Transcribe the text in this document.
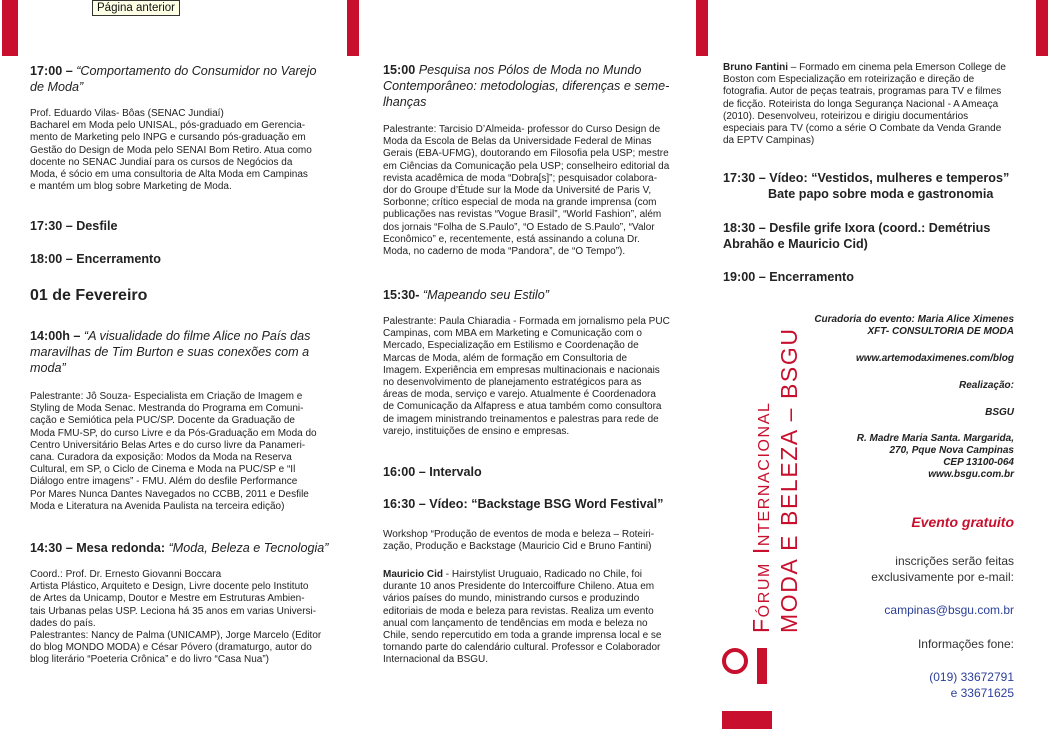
Página anterior
17:00 – “Comportamento do Consumidor no Varejo
de Moda”
Prof. Eduardo Vilas- Bôas (SENAC Jundiaí)
Bacharel em Moda pelo UNISAL, pós-graduado em Gerencia-
mento de Marketing pelo INPG e cursando pós-graduação em
Gestão do Design de Moda pelo SENAI Bom Retiro. Atua como
docente no SENAC Jundiaí para os cursos de Negócios da
Moda, é sócio em uma consultoria de Alta Moda em Campinas
e mantém um blog sobre Marketing de Moda.
17:30 – Desfile
18:00 – Encerramento
01 de Fevereiro
14:00h – “A visualidade do filme Alice no País das
maravilhas de Tim Burton e suas conexões com a
moda”
Palestrante: Jô Souza- Especialista em Criação de Imagem e
Styling de Moda Senac. Mestranda do Programa em Comuni-
cação e Semiótica pela PUC/SP. Docente da Graduação de
Moda FMU-SP, do curso Livre e da Pós-Graduação em Moda do
Centro Universitário Belas Artes e do curso livre da Panameri-
cana. Curadora da exposição: Modos da Moda na Reserva
Cultural, em SP, o Ciclo de Cinema e Moda na PUC/SP e “Il
Diálogo entre imagens” - FMU. Além do desfile Performance
Por Mares Nunca Dantes Navegados no CCBB, 2011 e Desfile
Moda e Literatura na Avenida Paulista na terceira edição)
14:30 – Mesa redonda: “Moda, Beleza e Tecnologia”
Coord.: Prof. Dr. Ernesto Giovanni Boccara
Artista Plástico, Arquiteto e Design, Livre docente pelo Instituto
de Artes da Unicamp, Doutor e Mestre em Estruturas Ambien-
tais Urbanas pelas USP. Leciona há 35 anos em varias Universi-
dades do país.
Palestrantes: Nancy de Palma (UNICAMP), Jorge Marcelo (Editor
do blog MONDO MODA) e César Póvero (dramaturgo, autor do
blog literário “Poeteria Crônica” e do livro “Casa Nua”)
15:00 Pesquisa nos Pólos de Moda no Mundo
Contemporâneo: metodologias, diferenças e seme-
lhanças
Palestrante: Tarcisio D’Almeida- professor do Curso Design de
Moda da Escola de Belas da Universidade Federal de Minas
Gerais (EBA-UFMG), doutorando em Filosofia pela USP; mestre
em Ciências da Comunicação pela USP; conselheiro editorial da
revista acadêmica de moda “Dobra[s]”; pesquisador colabora-
dor do Groupe d’Étude sur la Mode da Université de Paris V,
Sorbonne; crítico especial de moda na grande imprensa (com
publicações nas revistas “Vogue Brasil”, “World Fashion”, além
dos jornais “Folha de S.Paulo”, “O Estado de S.Paulo”, “Valor
Econômico” e, recentemente, está assinando a coluna Dr.
Moda, no caderno de moda “Pandora”, de “O Tempo”).
15:30- “Mapeando seu Estilo”
Palestrante: Paula Chiaradia - Formada em jornalismo pela PUC
Campinas, com MBA em Marketing e Comunicação com o
Mercado, Especialização em Estilismo e Coordenação de
Marcas de Moda, além de formação em Consultoria de
Imagem. Experiência em empresas multinacionais e nacionais
no desenvolvimento de planejamento estratégicos para as
áreas de moda, serviço e varejo. Atualmente é Coordenadora
de Comunicação da Alfapress e atua também como consultora
de imagem ministrando treinamentos e palestras para rede de
varejo, instituições de ensino e empresas.
16:00 – Intervalo
16:30 – Vídeo: “Backstage BSG Word Festival”
Workshop “Produção de eventos de moda e beleza – Roteiri-
zação, Produção e Backstage (Mauricio Cid e Bruno Fantini)
Mauricio Cid - Hairstylist Uruguaio, Radicado no Chile, foi
durante 10 anos Presidente do Intercoiffure Chileno. Atua em
vários países do mundo, ministrando cursos e produzindo
editoriais de moda e beleza para revistas. Realiza um evento
anual com lançamento de tendências em moda e beleza no
Chile, sendo repercutido em toda a grande imprensa local e se
tornando parte do calendário cultural. Professor e Colaborador
Internacional da BSGU.
Bruno Fantini – Formado em cinema pela Emerson College de
Boston com Especialização em roteirização e direção de
fotografia. Autor de peças teatrais, programas para TV e filmes
de ficção. Roteirista do longa Segurança Nacional - A Ameaça
(2010). Desenvolveu, roteirizou e dirigiu documentários
especiais para TV (como a série O Combate da Venda Grande
da EPTV Campinas)
17:30 – Vídeo: “Vestidos, mulheres e temperos”
Bate papo sobre moda e gastronomia
18:30 – Desfile grife Ixora (coord.: Demétrius
Abrahão e Mauricio Cid)
19:00 – Encerramento
Fórum Internacional MODA E BELEZA – BSGU
Curadoria do evento: Maria Alice Ximenes
XFT- CONSULTORIA DE MODA
www.artemodaximenes.com/blog
Realização:
BSGU
R. Madre Maria Santa. Margarida,
270, Pque Nova Campinas
CEP 13100-064
www.bsgu.com.br
Evento gratuito
inscrições serão feitas
exclusivamente por e-mail:
campinas@bsgu.com.br
Informações fone:
(019) 33672791
e 33671625
